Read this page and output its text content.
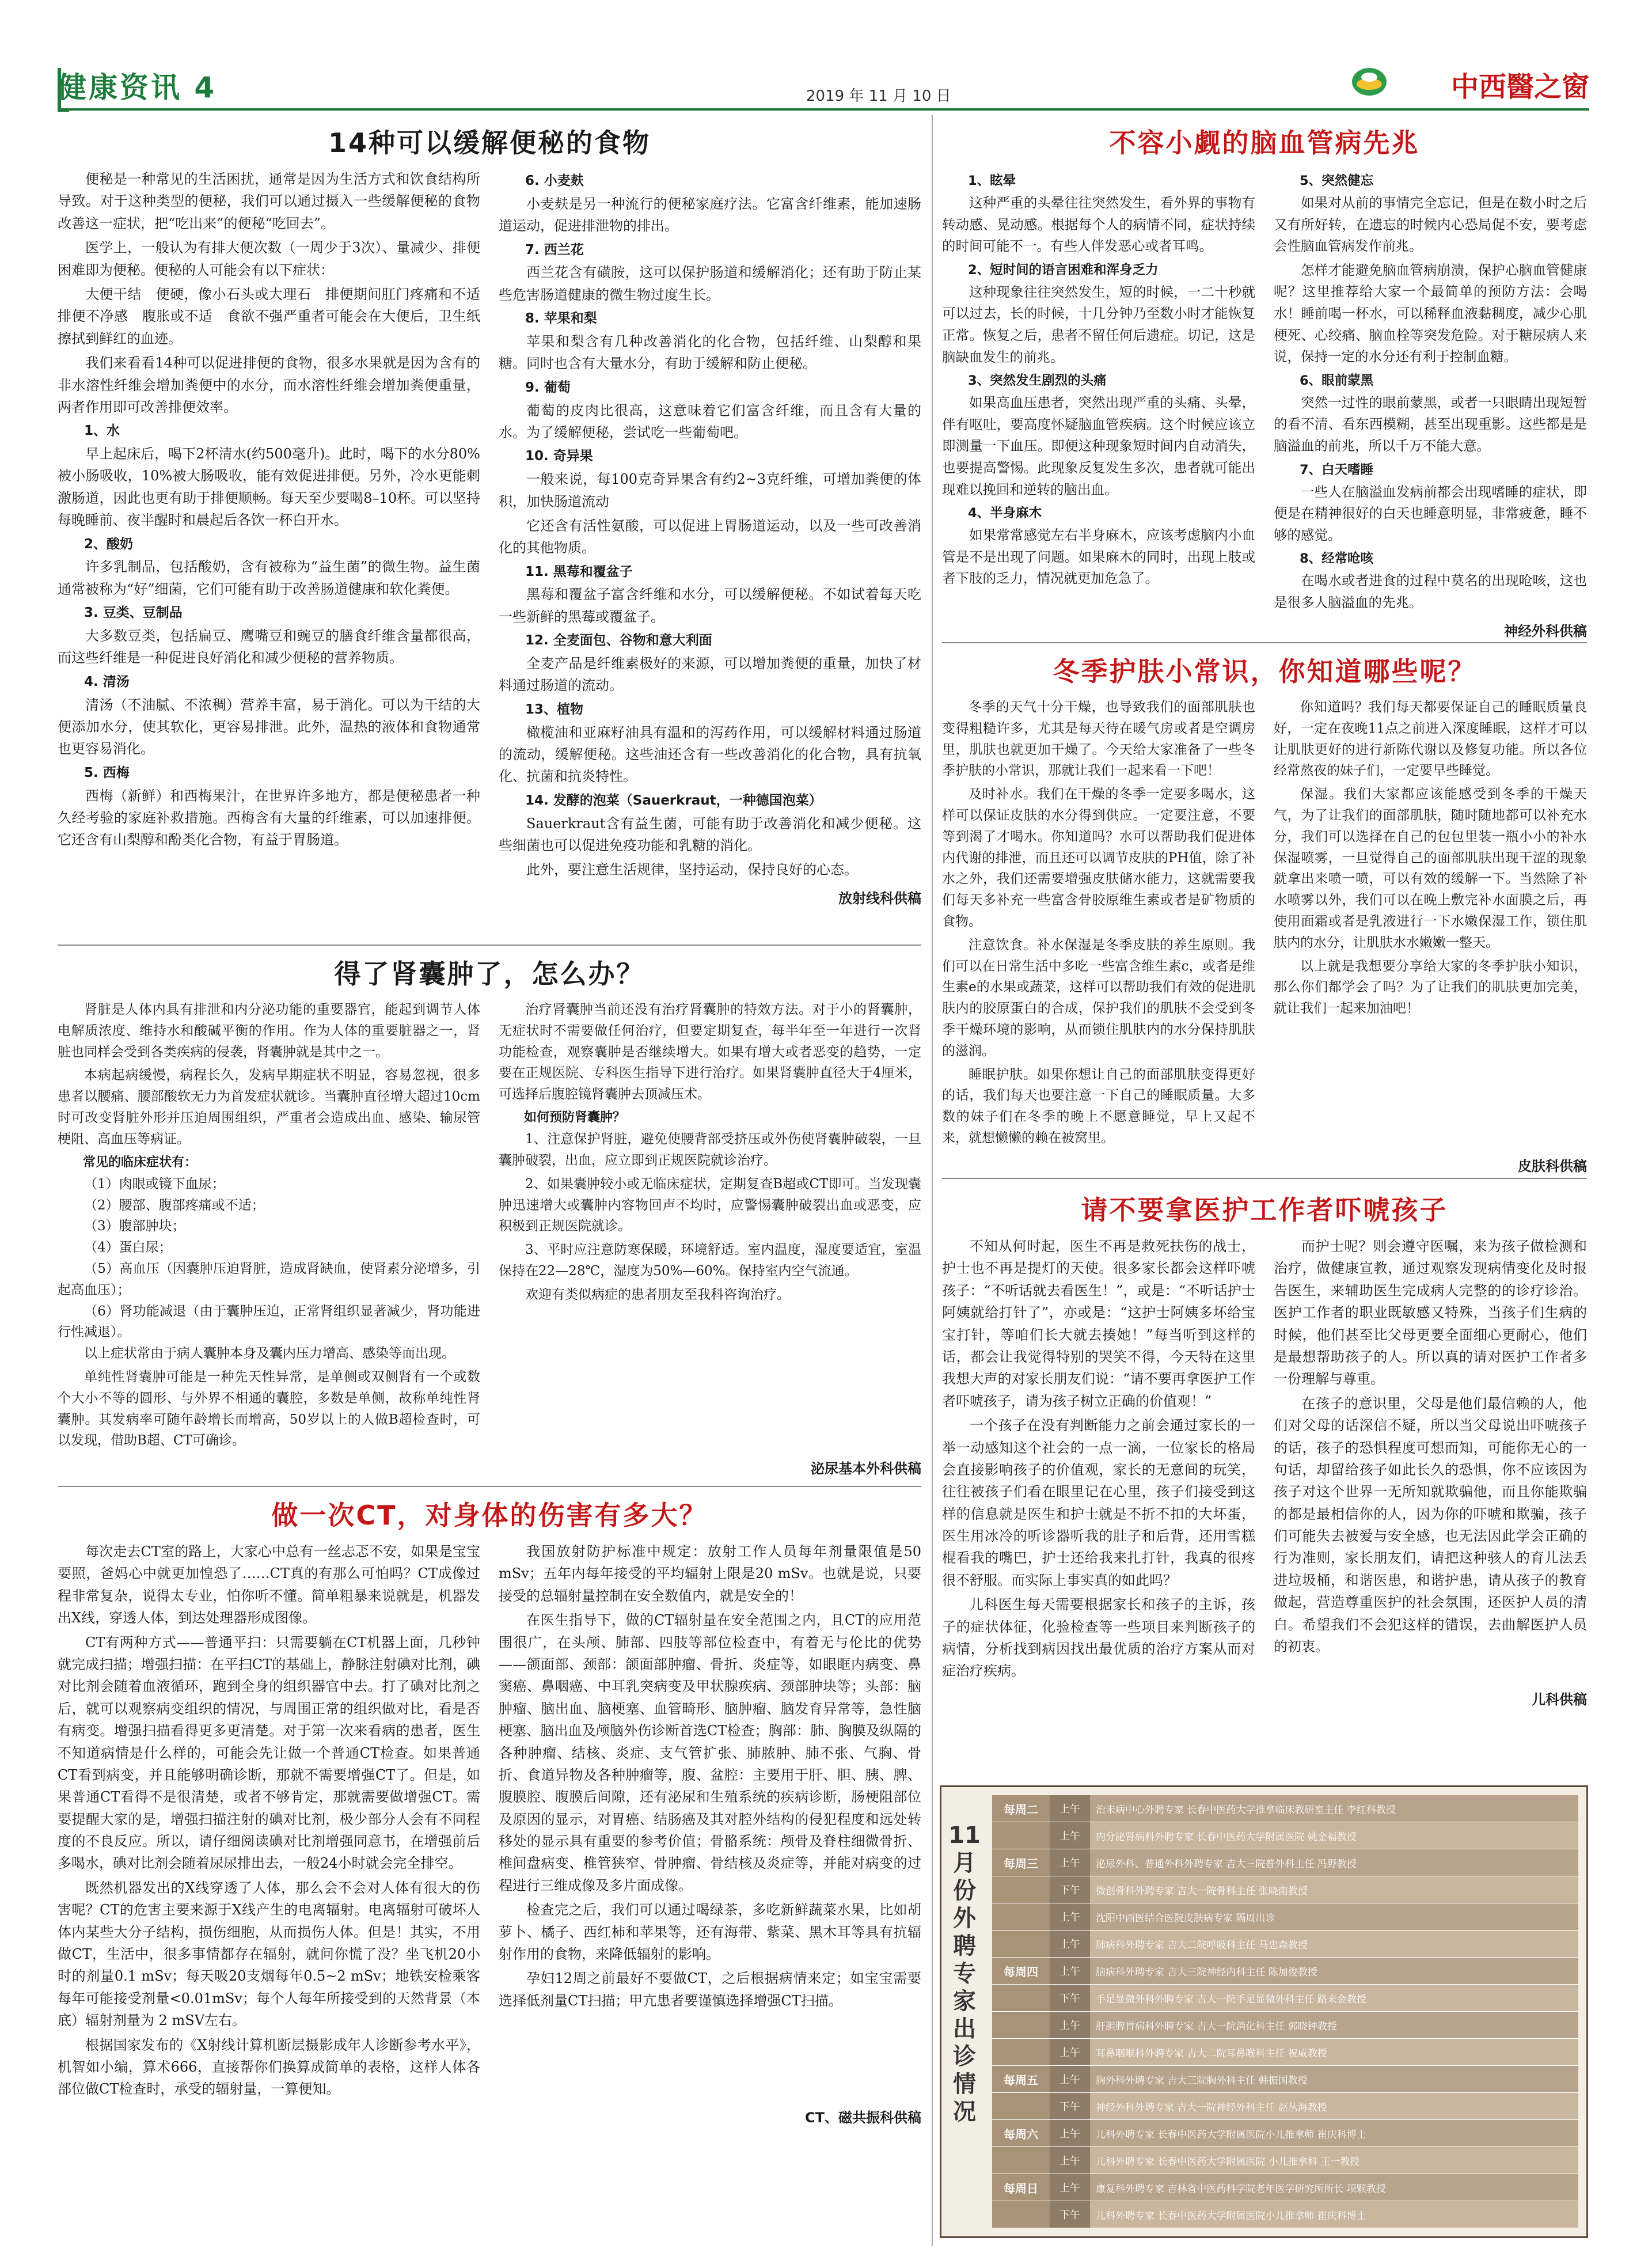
健康资讯 4	2019 年 11 月 10 日	中西醫之窗
14种可以缓解便秘的食物

便秘是一种常见的生活困扰，通常是因为生活方式和饮食结构所导致。对于这种类型的便秘，我们可以通过摄入一些缓解便秘的食物改善这一症状，把“吃出来”的便秘“吃回去”。

医学上，一般认为有排大便次数（一周少于3次）、量减少、排便困难即为便秘。便秘的人可能会有以下症状：

大便干结　便硬，像小石头或大理石　排便期间肛门疼痛和不适　排便不净感　腹胀或不适　食欲不强严重者可能会在大便后，卫生纸擦拭到鲜红的血迹。

我们来看看14种可以促进排便的食物，很多水果就是因为含有的非水溶性纤维会增加粪便中的水分，而水溶性纤维会增加粪便重量，两者作用即可改善排便效率。

1、水

早上起床后，喝下2杯清水(约500毫升)。此时，喝下的水分80%被小肠吸收，10%被大肠吸收，能有效促进排便。另外，冷水更能刺激肠道，因此也更有助于排便顺畅。每天至少要喝8–10杯。可以坚持每晚睡前、夜半醒时和晨起后各饮一杯白开水。

2、酸奶

许多乳制品，包括酸奶，含有被称为“益生菌”的微生物。益生菌通常被称为“好”细菌，它们可能有助于改善肠道健康和软化粪便。

3. 豆类、豆制品

大多数豆类，包括扁豆、鹰嘴豆和豌豆的膳食纤维含量都很高，而这些纤维是一种促进良好消化和减少便秘的营养物质。

4. 清汤

清汤（不油腻、不浓稠）营养丰富，易于消化。可以为干结的大便添加水分，使其软化，更容易排泄。此外，温热的液体和食物通常也更容易消化。

5. 西梅

西梅（新鲜）和西梅果汁，在世界许多地方，都是便秘患者一种久经考验的家庭补救措施。西梅含有大量的纤维素，可以加速排便。它还含有山梨醇和酚类化合物，有益于胃肠道。

6. 小麦麸

小麦麸是另一种流行的便秘家庭疗法。它富含纤维素，能加速肠道运动，促进排泄物的排出。

7. 西兰花

西兰花含有磺胺，这可以保护肠道和缓解消化；还有助于防止某些危害肠道健康的微生物过度生长。

8. 苹果和梨

苹果和梨含有几种改善消化的化合物，包括纤维、山梨醇和果糖。同时也含有大量水分，有助于缓解和防止便秘。

9. 葡萄

葡萄的皮肉比很高，这意味着它们富含纤维，而且含有大量的水。为了缓解便秘，尝试吃一些葡萄吧。

10. 奇异果

一般来说，每100克奇异果含有约2~3克纤维，可增加粪便的体积，加快肠道流动

它还含有活性氨酸，可以促进上胃肠道运动，以及一些可改善消化的其他物质。

11. 黑莓和覆盆子

黑莓和覆盆子富含纤维和水分，可以缓解便秘。不如试着每天吃一些新鲜的黑莓或覆盆子。

12. 全麦面包、谷物和意大利面

全麦产品是纤维素极好的来源，可以增加粪便的重量，加快了材料通过肠道的流动。

13、植物

橄榄油和亚麻籽油具有温和的泻药作用，可以缓解材料通过肠道的流动，缓解便秘。这些油还含有一些改善消化的化合物，具有抗氧化、抗菌和抗炎特性。

14. 发酵的泡菜（Sauerkraut，一种德国泡菜）

Sauerkraut含有益生菌，可能有助于改善消化和减少便秘。这些细菌也可以促进免疫功能和乳糖的消化。

此外，要注意生活规律，坚持运动，保持良好的心态。

放射线科供稿
得了肾囊肿了，怎么办？

肾脏是人体内具有排泄和内分泌功能的重要器官，能起到调节人体电解质浓度、维持水和酸碱平衡的作用。作为人体的重要脏器之一，肾脏也同样会受到各类疾病的侵袭，肾囊肿就是其中之一。

本病起病缓慢，病程长久，发病早期症状不明显，容易忽视，很多患者以腰痛、腰部酸软无力为首发症状就诊。当囊肿直径增大超过10cm时可改变肾脏外形并压迫周围组织，严重者会造成出血、感染、输尿管梗阻、高血压等病证。

常见的临床症状有：

（1）肉眼或镜下血尿；

（2）腰部、腹部疼痛或不适；

（3）腹部肿块；

（4）蛋白尿；

（5）高血压（因囊肿压迫肾脏，造成肾缺血，使肾素分泌增多，引起高血压）；

（6）肾功能减退（由于囊肿压迫，正常肾组织显著减少，肾功能进行性减退）。

以上症状常由于病人囊肿本身及囊内压力增高、感染等而出现。

单纯性肾囊肿可能是一种先天性异常，是单侧或双侧肾有一个或数个大小不等的圆形、与外界不相通的囊腔，多数是单侧，故称单纯性肾囊肿。其发病率可随年龄增长而增高，50岁以上的人做B超检查时，可以发现，借助B超、CT可确诊。

治疗肾囊肿当前还没有治疗肾囊肿的特效方法。对于小的肾囊肿，无症状时不需要做任何治疗，但要定期复查，每半年至一年进行一次肾功能检查，观察囊肿是否继续增大。如果有增大或者恶变的趋势，一定要在正规医院、专科医生指导下进行治疗。如果肾囊肿直径大于4厘米，可选择后腹腔镜肾囊肿去顶减压术。

如何预防肾囊肿？

1、注意保护肾脏，避免使腰背部受挤压或外伤使肾囊肿破裂，一旦囊肿破裂，出血，应立即到正规医院就诊治疗。

2、如果囊肿较小或无临床症状，定期复查B超或CT即可。当发现囊肿迅速增大或囊肿内容物回声不均时，应警惕囊肿破裂出血或恶变，应积极到正规医院就诊。

3、平时应注意防寒保暖，环境舒适。室内温度，湿度要适宜，室温保持在22—28℃，湿度为50%—60%。保持室内空气流通。

欢迎有类似病症的患者朋友至我科咨询治疗。

泌尿基本外科供稿
做一次CT，对身体的伤害有多大？

每次走去CT室的路上，大家心中总有一丝忐忑不安，如果是宝宝要照，爸妈心中就更加惶恐了……CT真的有那么可怕吗？CT成像过程非常复杂，说得太专业，怕你听不懂。简单粗暴来说就是，机器发出X线，穿透人体，到达处理器形成图像。

CT有两种方式——普通平扫：只需要躺在CT机器上面，几秒钟就完成扫描；增强扫描：在平扫CT的基础上，静脉注射碘对比剂，碘对比剂会随着血液循环，跑到全身的组织器官中去。打了碘对比剂之后，就可以观察病变组织的情况，与周围正常的组织做对比，看是否有病变。增强扫描看得更多更清楚。对于第一次来看病的患者，医生不知道病情是什么样的，可能会先让做一个普通CT检查。如果普通CT看到病变，并且能够明确诊断，那就不需要增强CT了。但是，如果普通CT看得不是很清楚，或者不够肯定，那就需要做增强CT。需要提醒大家的是，增强扫描注射的碘对比剂，极少部分人会有不同程度的不良反应。所以，请仔细阅读碘对比剂增强同意书，在增强前后多喝水，碘对比剂会随着尿尿排出去，一般24小时就会完全排空。

既然机器发出的X线穿透了人体，那么会不会对人体有很大的伤害呢？CT的危害主要来源于X线产生的电离辐射。电离辐射可破坏人体内某些大分子结构，损伤细胞，从而损伤人体。但是！其实，不用做CT，生活中，很多事情都存在辐射，就问你慌了没？坐飞机20小时的剂量0.1 mSv；每天吸20支烟每年0.5~2 mSv；地铁安检乘客每年可能接受剂量<0.01mSv；每个人每年所接受到的天然背景（本底）辐射剂量为 2 mSV左右。

根据国家发布的《X射线计算机断层摄影成年人诊断参考水平》，机智如小编，算术666，直接帮你们换算成简单的表格，这样人体各部位做CT检查时，承受的辐射量，一算便知。

我国放射防护标准中规定：放射工作人员每年剂量限值是50 mSv；五年内每年接受的平均辐射上限是20 mSv。也就是说，只要接受的总辐射量控制在安全数值内，就是安全的！

在医生指导下，做的CT辐射量在安全范围之内，且CT的应用范围很广，在头颅、肺部、四肢等部位检查中，有着无与伦比的优势——颌面部、颈部：颌面部肿瘤、骨折、炎症等，如眼眶内病变、鼻窦癌、鼻咽癌、中耳乳突病变及甲状腺疾病、颈部肿块等；头部：脑肿瘤、脑出血、脑梗塞、血管畸形、脑肿瘤、脑发育异常等，急性脑梗塞、脑出血及颅脑外伤诊断首选CT检查；胸部：肺、胸膜及纵隔的各种肿瘤、结核、炎症、支气管扩张、肺脓肿、肺不张、气胸、骨折、食道异物及各种肿瘤等，腹、盆腔：主要用于肝、胆、胰、脾、腹膜腔、腹膜后间隙，还有泌尿和生殖系统的疾病诊断，肠梗阻部位及原因的显示，对胃癌、结肠癌及其对腔外结构的侵犯程度和远处转移处的显示具有重要的参考价值；骨骼系统：颅骨及脊柱细微骨折、椎间盘病变、椎管狭窄、骨肿瘤、骨结核及炎症等，并能对病变的过程进行三维成像及多片面成像。

检查完之后，我们可以通过喝绿茶，多吃新鲜蔬菜水果，比如胡萝卜、橘子、西红柿和苹果等，还有海带、紫菜、黑木耳等具有抗辐射作用的食物，来降低辐射的影响。

孕妇12周之前最好不要做CT，之后根据病情来定；如宝宝需要选择低剂量CT扫描；甲亢患者要谨慎选择增强CT扫描。

CT、磁共振科供稿
不容小觑的脑血管病先兆
1、眩晕

这种严重的头晕往往突然发生，看外界的事物有转动感、晃动感。根据每个人的病情不同，症状持续的时间可能不一。有些人伴发恶心或者耳鸣。

2、短时间的语言困难和浑身乏力

这种现象往往突然发生，短的时候，一二十秒就可以过去，长的时候，十几分钟乃至数小时才能恢复正常。恢复之后，患者不留任何后遗症。切记，这是脑缺血发生的前兆。

3、突然发生剧烈的头痛

如果高血压患者，突然出现严重的头痛、头晕，伴有呕吐，要高度怀疑脑血管疾病。这个时候应该立即测量一下血压。即便这种现象短时间内自动消失，也要提高警惕。此现象反复发生多次，患者就可能出现难以挽回和逆转的脑出血。

4、半身麻木

如果常常感觉左右半身麻木，应该考虑脑内小血管是不是出现了问题。如果麻木的同时，出现上肢或者下肢的乏力，情况就更加危急了。

5、突然健忘

如果对从前的事情完全忘记，但是在数小时之后又有所好转，在遗忘的时候内心恐局促不安，要考虑会性脑血管病发作前兆。

怎样才能避免脑血管病崩溃，保护心脑血管健康呢？这里推荐给大家一个最简单的预防方法：会喝水！睡前喝一杯水，可以稀释血液黏稠度，减少心肌梗死、心绞痛、脑血栓等突发危险。对于糖尿病人来说，保持一定的水分还有利于控制血糖。

6、眼前蒙黑

突然一过性的眼前蒙黑，或者一只眼睛出现短暂的看不清、看东西模糊，甚至出现重影。这些都是是脑溢血的前兆，所以千万不能大意。

7、白天嗜睡

一些人在脑溢血发病前都会出现嗜睡的症状，即便是在精神很好的白天也睡意明显，非常疲惫，睡不够的感觉。

8、经常呛咳

在喝水或者进食的过程中莫名的出现呛咳，这也是很多人脑溢血的先兆。

神经外科供稿
冬季护肤小常识，你知道哪些呢？

冬季的天气十分干燥，也导致我们的面部肌肤也变得粗糙许多，尤其是每天待在暖气房或者是空调房里，肌肤也就更加干燥了。今天给大家准备了一些冬季护肤的小常识，那就让我们一起来看一下吧！

及时补水。我们在干燥的冬季一定要多喝水，这样可以保证皮肤的水分得到供应。一定要注意，不要等到渴了才喝水。你知道吗？水可以帮助我们促进体内代谢的排泄，而且还可以调节皮肤的PH值，除了补水之外，我们还需要增强皮肤储水能力，这就需要我们每天多补充一些富含骨胶原维生素或者是矿物质的食物。

注意饮食。补水保湿是冬季皮肤的养生原则。我们可以在日常生活中多吃一些富含维生素c，或者是维生素e的水果或蔬菜，这样可以帮助我们有效的促进肌肤内的胶原蛋白的合成，保护我们的肌肤不会受到冬季干燥环境的影响，从而锁住肌肤内的水分保持肌肤的滋润。

睡眠护肤。如果你想让自己的面部肌肤变得更好的话，我们每天也要注意一下自己的睡眠质量。大多数的妹子们在冬季的晚上不愿意睡觉，早上又起不来，就想懒懒的赖在被窝里。

你知道吗？我们每天都要保证自己的睡眠质量良好，一定在夜晚11点之前进入深度睡眠，这样才可以让肌肤更好的进行新陈代谢以及修复功能。所以各位经常熬夜的妹子们，一定要早些睡觉。

保湿。我们大家都应该能感受到冬季的干燥天气，为了让我们的面部肌肤，随时随地都可以补充水分，我们可以选择在自己的包包里装一瓶小小的补水保湿喷雾，一旦觉得自己的面部肌肤出现干涩的现象就拿出来喷一喷，可以有效的缓解一下。当然除了补水喷雾以外，我们可以在晚上敷完补水面膜之后，再使用面霜或者是乳液进行一下水嫩保湿工作，锁住肌肤内的水分，让肌肤水水嫩嫩一整天。

以上就是我想要分享给大家的冬季护肤小知识，那么你们都学会了吗？为了让我们的肌肤更加完美，就让我们一起来加油吧！

皮肤科供稿
请不要拿医护工作者吓唬孩子

不知从何时起，医生不再是救死扶伤的战士，护士也不再是提灯的天使。很多家长都会这样吓唬孩子：“不听话就去看医生！”，或是：“不听话护士阿姨就给打针了”，亦或是：“这护士阿姨多坏给宝宝打针，等咱们长大就去揍她！”每当听到这样的话，都会让我觉得特别的哭笑不得，今天特在这里我想大声的对家长朋友们说：“请不要再拿医护工作者吓唬孩子，请为孩子树立正确的价值观！”

一个孩子在没有判断能力之前会通过家长的一举一动感知这个社会的一点一滴，一位家长的格局会直接影响孩子的价值观，家长的无意间的玩笑，往往被孩子们看在眼里记在心里，孩子们接受到这样的信息就是医生和护士就是不折不扣的大坏蛋，医生用冰冷的听诊器听我的肚子和后背，还用雪糕棍看我的嘴巴，护士还给我来扎打针，我真的很疼很不舒服。而实际上事实真的如此吗？

儿科医生每天需要根据家长和孩子的主诉，孩子的症状体征，化验检查等一些项目来判断孩子的病情，分析找到病因找出最优质的治疗方案从而对症治疗疾病。

而护士呢？则会遵守医嘱，来为孩子做检测和治疗，做健康宣教，通过观察发现病情变化及时报告医生，来辅助医生完成病人完整的的诊疗诊治。医护工作者的职业既敏感又特殊，当孩子们生病的时候，他们甚至比父母更要全面细心更耐心，他们是最想帮助孩子的人。所以真的请对医护工作者多一份理解与尊重。

在孩子的意识里，父母是他们最信赖的人，他们对父母的话深信不疑，所以当父母说出吓唬孩子的话，孩子的恐惧程度可想而知，可能你无心的一句话，却留给孩子如此长久的恐惧，你不应该因为孩子对这个世界一无所知就欺骗他，而且你能欺骗的都是最相信你的人，因为你的吓唬和欺骗，孩子们可能失去被爱与安全感，也无法因此学会正确的行为准则，家长朋友们，请把这种骇人的育儿法丢进垃圾桶，和谐医患，和谐护患，请从孩子的教育做起，营造尊重医护的社会氛围，还医护人员的清白。希望我们不会犯这样的错误，去曲解医护人员的初衷。

儿科供稿
11月份外聘专家出诊情况
每周二	上午	治未病中心外聘专家 长春中医药大学推拿临床教研室主任 李红科教授
上午	内分泌肾病科外聘专家 长春中医药大学附属医院 姚金福教授
每周三	上午	泌尿外科、普通外科外聘专家 吉大三院普外科主任 冯野教授
下午	微创骨科外聘专家 吉大一院骨科主任 张晓南教授
上午	沈阳中西医结合医院皮肤病专家 隔周出诊
上午	肺病科外聘专家 吉大二院呼吸科主任 马忠森教授
每周四	上午	脑病科外聘专家 吉大三院神经内科主任 陈加俊教授
下午	手足显微外科外聘专家 吉大一院手足显微外科主任 路来金教授
上午	肝胆脾胃病科外聘专家 吉大一院消化科主任 郭晓钟教授
上午	耳鼻咽喉科外聘专家 吉大二院耳鼻喉科主任 祝威教授
每周五	上午	胸外科外聘专家 吉大三院胸外科主任 韩振国教授
下午	神经外科外聘专家 吉大一院神经外科主任 赵丛海教授
每周六	上午	儿科外聘专家 长春中医药大学附属医院小儿推拿师 崔庆科博士
上午	儿科外聘专家 长春中医药大学附属医院 小儿推拿科 王一教授
每周日	上午	康复科外聘专家 吉林省中医药科学院老年医学研究所所长 项颗教授
下午	儿科外聘专家 长春中医药大学附属医院小儿推拿师 崔庆科博士
